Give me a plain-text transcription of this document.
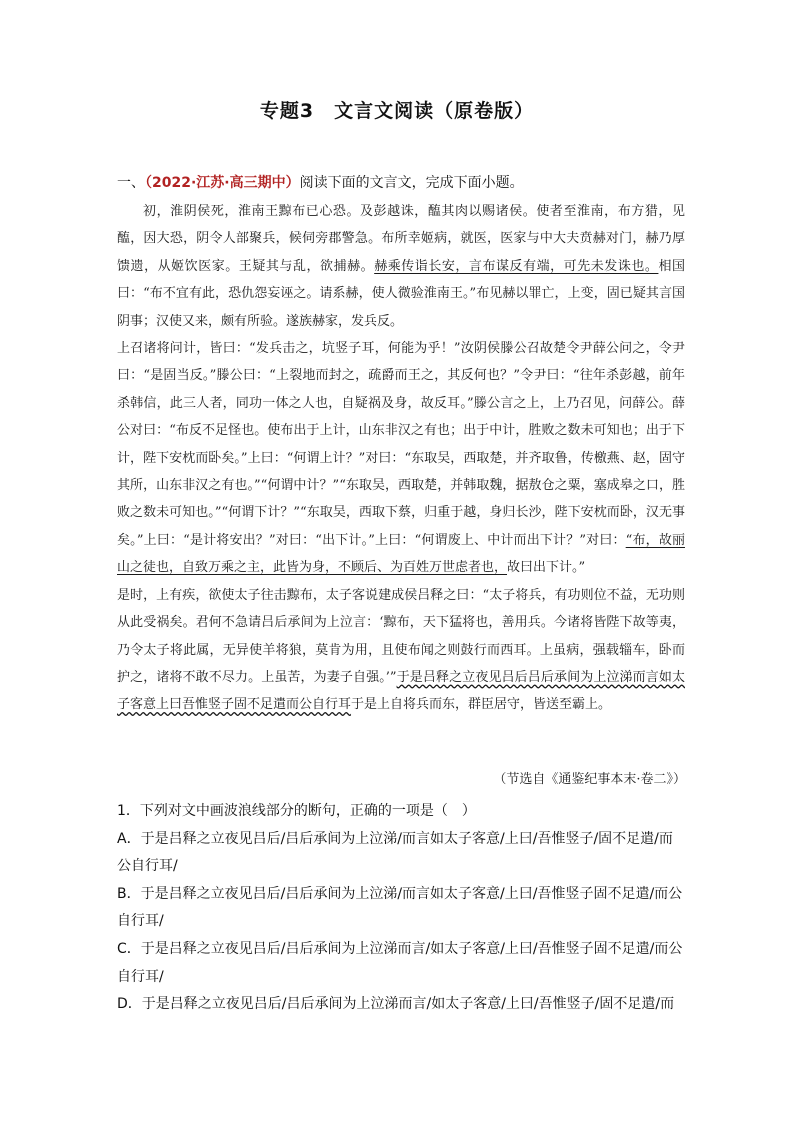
专题3　文言文阅读（原卷版）
一、（2022·江苏·高三期中）阅读下面的文言文，完成下面小题。

初，淮阴侯死，淮南王黥布已心恐。及彭越诛，醢其肉以赐诸侯。使者至淮南，布方猎，见醢，因大恐，阴令人部聚兵，候伺旁郡警急。布所幸姬病，就医，医家与中大夫贲赫对门，赫乃厚馈遗，从姬饮医家。王疑其与乱，欲捕赫。赫乘传诣长安，言布谋反有端，可先未发诛也。相国曰：“布不宜有此，恐仇怨妄诬之。请系赫，使人微验淮南王。”布见赫以罪亡，上变，固已疑其言国阴事；汉使又来，颇有所验。遂族赫家，发兵反。

上召诸将问计，皆曰：“发兵击之，坑竖子耳，何能为乎！”汝阴侯滕公召故楚令尹薛公问之，令尹曰：“是固当反。”滕公曰：“上裂地而封之，疏爵而王之，其反何也？”令尹曰：“往年杀彭越，前年杀韩信，此三人者，同功一体之人也，自疑祸及身，故反耳。”滕公言之上，上乃召见，问薛公。薛公对曰：“布反不足怪也。使布出于上计，山东非汉之有也；出于中计，胜败之数未可知也；出于下计，陛下安枕而卧矣。”上曰：“何谓上计？”对曰：“东取吴，西取楚，并齐取鲁，传檄燕、赵，固守其所，山东非汉之有也。”“何谓中计？”“东取吴，西取楚，并韩取魏，据敖仓之粟，塞成皋之口，胜败之数未可知也。”“何谓下计？”“东取吴，西取下蔡，归重于越，身归长沙，陛下安枕而卧，汉无事矣。”上曰：“是计将安出？”对曰：“出下计。”上曰：“何谓废上、中计而出下计？”对曰：“布，故丽山之徒也，自致万乘之主，此皆为身，不顾后、为百姓万世虑者也，故曰出下计。”

是时，上有疾，欲使太子往击黥布，太子客说建成侯吕释之曰：“太子将兵，有功则位不益，无功则从此受祸矣。君何不急请吕后承间为上泣言：‘黥布，天下猛将也，善用兵。今诸将皆陛下故等夷，乃令太子将此属，无异使羊将狼，莫肯为用，且使布闻之则鼓行而西耳。上虽病，强载辎车，卧而护之，诸将不敢不尽力。上虽苦，为妻子自强。’”于是吕释之立夜见吕后吕后承间为上泣涕而言如太子客意上曰吾惟竖子固不足遣而公自行耳于是上自将兵而东，群臣居守，皆送至霸上。

（节选自《通鉴纪事本末·卷二》）

1．下列对文中画波浪线部分的断句，正确的一项是（　）

A．于是吕释之立夜见吕后/吕后承间为上泣涕/而言如太子客意/上曰/吾惟竖子/固不足遣/而公自行耳/

B．于是吕释之立夜见吕后/吕后承间为上泣涕/而言如太子客意/上曰/吾惟竖子固不足遣/而公自行耳/

C．于是吕释之立夜见吕后/吕后承间为上泣涕而言/如太子客意/上曰/吾惟竖子固不足遣/而公自行耳/

D．于是吕释之立夜见吕后/吕后承间为上泣涕而言/如太子客意/上曰/吾惟竖子/固不足遣/而
